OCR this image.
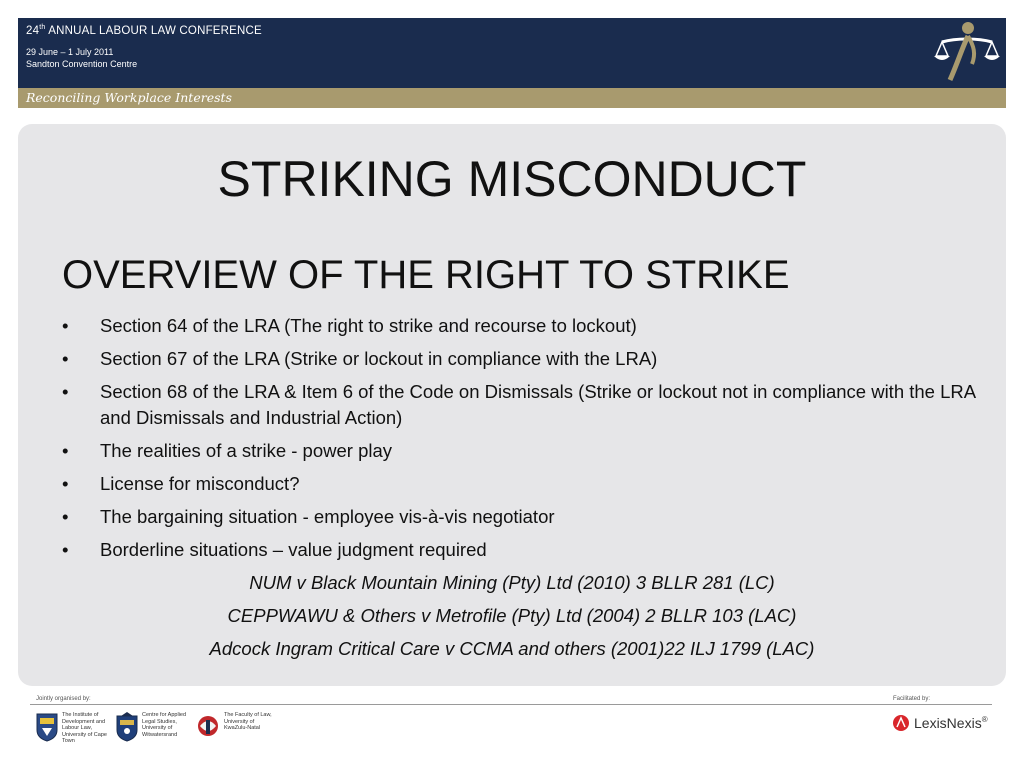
24th ANNUAL LABOUR LAW CONFERENCE
29 June – 1 July 2011
Sandton Convention Centre
Reconciling Workplace Interests
STRIKING MISCONDUCT
OVERVIEW OF THE RIGHT TO STRIKE
• Section 64 of the LRA (The right to strike and recourse to lockout)
• Section 67 of the LRA (Strike or lockout in compliance with the LRA)
• Section 68 of the LRA & Item 6 of the Code on Dismissals (Strike or lockout not in compliance with the LRA and Dismissals and Industrial Action)
• The realities of a strike - power play
• License for misconduct?
• The bargaining situation - employee vis-à-vis negotiator
• Borderline situations – value judgment required
NUM v Black Mountain Mining (Pty) Ltd (2010) 3 BLLR 281 (LC)
CEPPWAWU & Others v Metrofile (Pty) Ltd (2004) 2 BLLR 103 (LAC)
Adcock Ingram Critical Care v CCMA and others (2001)22 ILJ 1799 (LAC)
Jointly organised by:	Facilitated by:
The Institute of Development and Labour Law, University of Cape Town
Centre for Applied Legal Studies, University of Witwatersrand
The Faculty of Law, University of KwaZulu-Natal	LexisNexis®
